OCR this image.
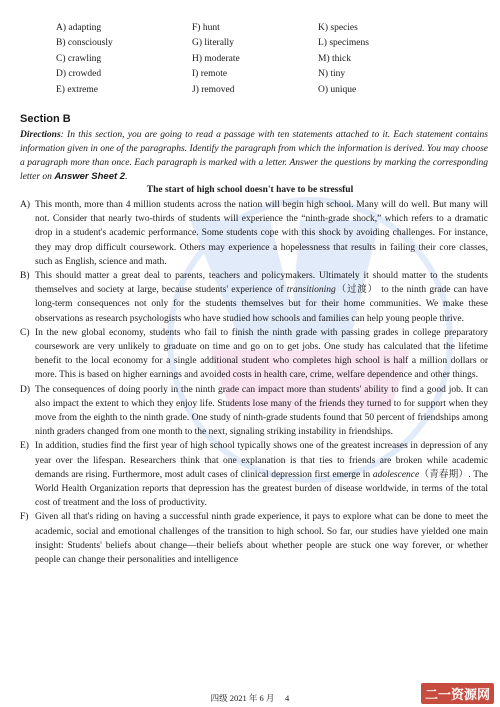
A) adapting	F) hunt	K) species
B) consciously	G) literally	L) specimens
C) crawling	H) moderate	M) thick
D) crowded	I) remote	N) tiny
E) extreme	J) removed	O) unique
Section B
Directions: In this section, you are going to read a passage with ten statements attached to it. Each statement contains information given in one of the paragraphs. Identify the paragraph from which the information is derived. You may choose a paragraph more than once. Each paragraph is marked with a letter. Answer the questions by marking the corresponding letter on Answer Sheet 2.
The start of high school doesn't have to be stressful

A) This month, more than 4 million students across the nation will begin high school. Many will do well. But many will not. Consider that nearly two-thirds of students will experience the “ninth-grade shock,” which refers to a dramatic drop in a student's academic performance. Some students cope with this shock by avoiding challenges. For instance, they may drop difficult coursework. Others may experience a hopelessness that results in failing their core classes, such as English, science and math.

B) This should matter a great deal to parents, teachers and policymakers. Ultimately it should matter to the students themselves and society at large, because students' experience of transitioning（过渡） to the ninth grade can have long-term consequences not only for the students themselves but for their home communities. We make these observations as research psychologists who have studied how schools and families can help young people thrive.

C) In the new global economy, students who fail to finish the ninth grade with passing grades in college preparatory coursework are very unlikely to graduate on time and go on to get jobs. One study has calculated that the lifetime benefit to the local economy for a single additional student who completes high school is half a million dollars or more. This is based on higher earnings and avoided costs in health care, crime, welfare dependence and other things.

D) The consequences of doing poorly in the ninth grade can impact more than students' ability to find a good job. It can also impact the extent to which they enjoy life. Students lose many of the friends they turned to for support when they move from the eighth to the ninth grade. One study of ninth-grade students found that 50 percent of friendships among ninth graders changed from one month to the next, signaling striking instability in friendships.

E) In addition, studies find the first year of high school typically shows one of the greatest increases in depression of any year over the lifespan. Researchers think that one explanation is that ties to friends are broken while academic demands are rising. Furthermore, most adult cases of clinical depression first emerge in adolescence（青春期）. The World Health Organization reports that depression has the greatest burden of disease worldwide, in terms of the total cost of treatment and the loss of productivity.

F) Given all that's riding on having a successful ninth grade experience, it pays to explore what can be done to meet the academic, social and emotional challenges of the transition to high school. So far, our studies have yielded one main insight: Students' beliefs about change—their beliefs about whether people are stuck one way forever, or whether people can change their personalities and intelligence

四级 2021 年 6 月　 4	二一资源网
